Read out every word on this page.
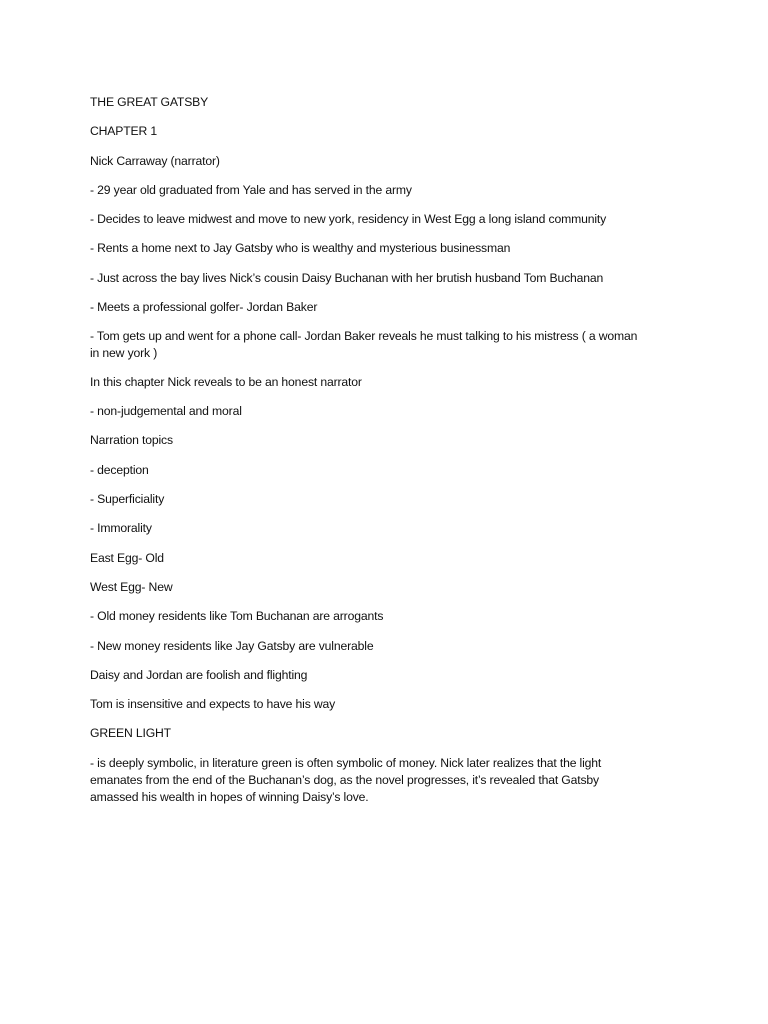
THE GREAT GATSBY

CHAPTER 1

Nick Carraway (narrator)

- 29 year old graduated from Yale and has served in the army

- Decides to leave midwest and move to new york, residency in West Egg a long island community

- Rents a home next to Jay Gatsby who is wealthy and mysterious businessman

- Just across the bay lives Nick’s cousin Daisy Buchanan with her brutish husband Tom Buchanan

- Meets a professional golfer- Jordan Baker

- Tom gets up and went for a phone call- Jordan Baker reveals he must talking to his mistress ( a woman

in new york )

In this chapter Nick reveals to be an honest narrator

- non-judgemental and moral

Narration topics

- deception

- Superficiality

- Immorality

East Egg- Old

West Egg- New

- Old money residents like Tom Buchanan are arrogants

- New money residents like Jay Gatsby are vulnerable

Daisy and Jordan are foolish and flighting

Tom is insensitive and expects to have his way

GREEN LIGHT

- is deeply symbolic, in literature green is often symbolic of money. Nick later realizes that the light

emanates from the end of the Buchanan’s dog, as the novel progresses, it’s revealed that Gatsby

amassed his wealth in hopes of winning Daisy’s love.
